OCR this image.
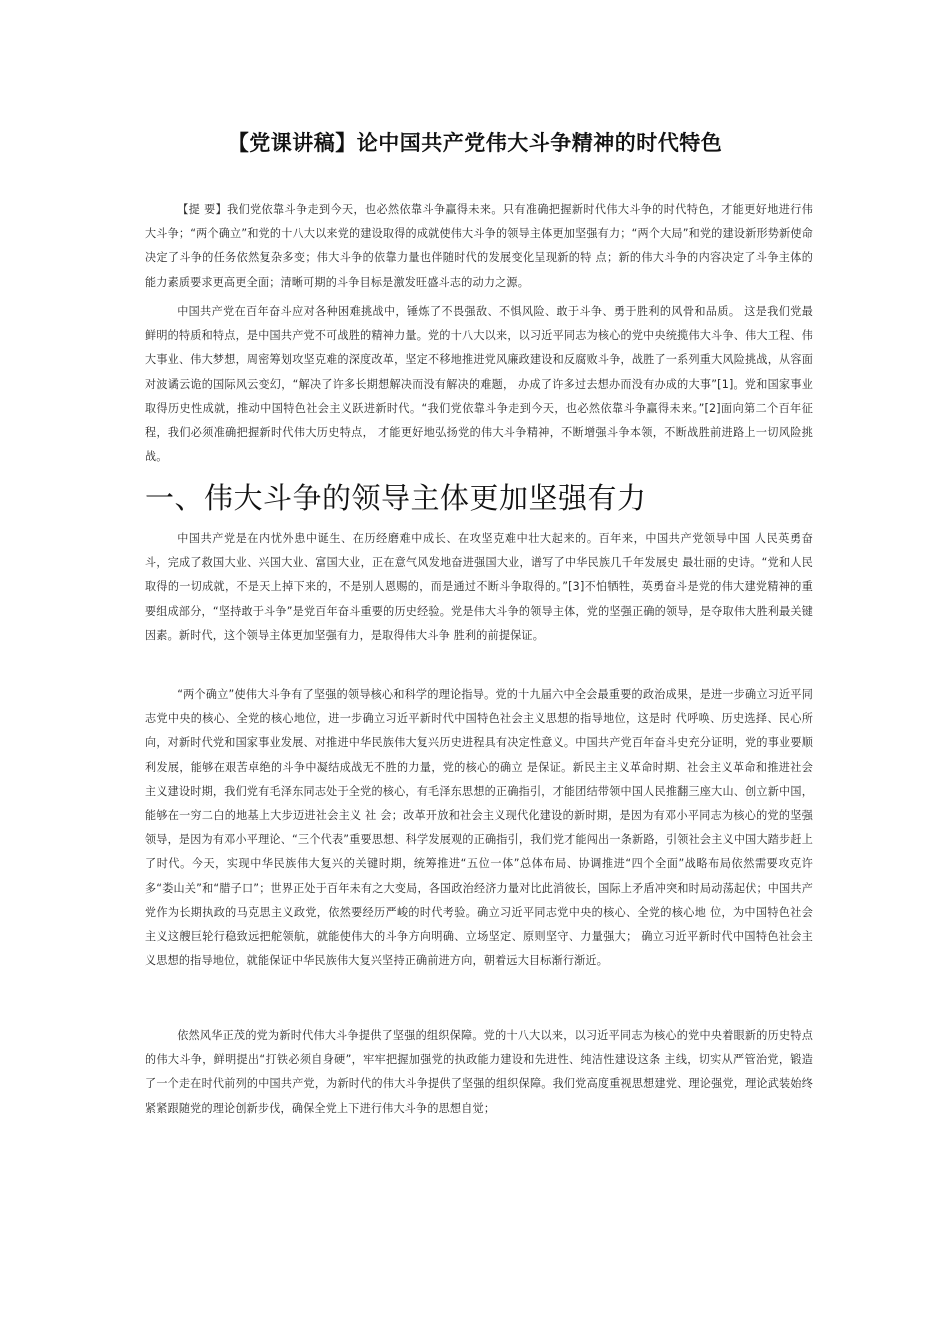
【党课讲稿】论中国共产党伟大斗争精神的时代特色

【提 要】我们党依靠斗争走到今天，也必然依靠斗争赢得未来。只有准确把握新时代伟大斗争的时代特色，才能更好地进行伟大斗争；“两个确立”和党的十八大以来党的建设取得的成就使伟大斗争的领导主体更加坚强有力；“两个大局”和党的建设新形势新使命决定了斗争的任务依然复杂多变；伟大斗争的依靠力量也伴随时代的发展变化呈现新的特 点；新的伟大斗争的内容决定了斗争主体的能力素质要求更高更全面；清晰可期的斗争目标是激发旺盛斗志的动力之源。

中国共产党在百年奋斗应对各种困难挑战中，锤炼了不畏强敌、不惧风险、敢于斗争、勇于胜利的风骨和品质。 这是我们党最鲜明的特质和特点，是中国共产党不可战胜的精神力量。党的十八大以来，以习近平同志为核心的党中央统揽伟大斗争、伟大工程、伟大事业、伟大梦想，周密筹划攻坚克难的深度改革，坚定不移地推进党风廉政建设和反腐败斗争，战胜了一系列重大风险挑战，从容面对波谲云诡的国际风云变幻，“解决了许多长期想解决而没有解决的难题， 办成了许多过去想办而没有办成的大事”[1]。党和国家事业取得历史性成就，推动中国特色社会主义跃进新时代。“我们党依靠斗争走到今天，也必然依靠斗争赢得未来。”[2]面向第二个百年征程，我们必须准确把握新时代伟大历史特点， 才能更好地弘扬党的伟大斗争精神，不断增强斗争本领，不断战胜前进路上一切风险挑战。

一、伟大斗争的领导主体更加坚强有力

中国共产党是在内忧外患中诞生、在历经磨难中成长、在攻坚克难中壮大起来的。百年来，中国共产党领导中国 人民英勇奋斗，完成了救国大业、兴国大业、富国大业，正在意气风发地奋进强国大业，谱写了中华民族几千年发展史 最壮丽的史诗。“党和人民取得的一切成就，不是天上掉下来的，不是别人恩赐的，而是通过不断斗争取得的。”[3]不怕牺牲，英勇奋斗是党的伟大建党精神的重要组成部分，“坚持敢于斗争”是党百年奋斗重要的历史经验。党是伟大斗争的领导主体，党的坚强正确的领导，是夺取伟大胜利最关键因素。新时代，这个领导主体更加坚强有力，是取得伟大斗争 胜利的前提保证。

“两个确立”使伟大斗争有了坚强的领导核心和科学的理论指导。党的十九届六中全会最重要的政治成果，是进一步确立习近平同志党中央的核心、全党的核心地位，进一步确立习近平新时代中国特色社会主义思想的指导地位，这是时 代呼唤、历史选择、民心所向，对新时代党和国家事业发展、对推进中华民族伟大复兴历史进程具有决定性意义。中国共产党百年奋斗史充分证明，党的事业要顺利发展，能够在艰苦卓绝的斗争中凝结成战无不胜的力量，党的核心的确立 是保证。新民主主义革命时期、社会主义革命和推进社会主义建设时期，我们党有毛泽东同志处于全党的核心，有毛泽东思想的正确指引，才能团结带领中国人民推翻三座大山、创立新中国，能够在一穷二白的地基上大步迈进社会主义 社 会；改革开放和社会主义现代化建设的新时期，是因为有邓小平同志为核心的党的坚强领导，是因为有邓小平理论、“三个代表”重要思想、科学发展观的正确指引，我们党才能闯出一条新路，引领社会主义中国大踏步赶上了时代。今天，实现中华民族伟大复兴的关键时期，统筹推进“五位一体”总体布局、协调推进“四个全面”战略布局依然需要攻克许多“娄山关”和“腊子口”；世界正处于百年未有之大变局，各国政治经济力量对比此消彼长，国际上矛盾冲突和时局动荡起伏；中国共产党作为长期执政的马克思主义政党，依然要经历严峻的时代考验。确立习近平同志党中央的核心、全党的核心地 位，为中国特色社会主义这艘巨轮行稳致远把舵领航，就能使伟大的斗争方向明确、立场坚定、原则坚守、力量强大； 确立习近平新时代中国特色社会主义思想的指导地位，就能保证中华民族伟大复兴坚持正确前进方向，朝着远大目标渐行渐近。

依然风华正茂的党为新时代伟大斗争提供了坚强的组织保障。党的十八大以来，以习近平同志为核心的党中央着眼新的历史特点的伟大斗争，鲜明提出“打铁必须自身硬”，牢牢把握加强党的执政能力建设和先进性、纯洁性建设这条 主线，切实从严管治党，锻造了一个走在时代前列的中国共产党，为新时代的伟大斗争提供了坚强的组织保障。我们党高度重视思想建党、理论强党，理论武装始终紧紧跟随党的理论创新步伐，确保全党上下进行伟大斗争的思想自觉；
